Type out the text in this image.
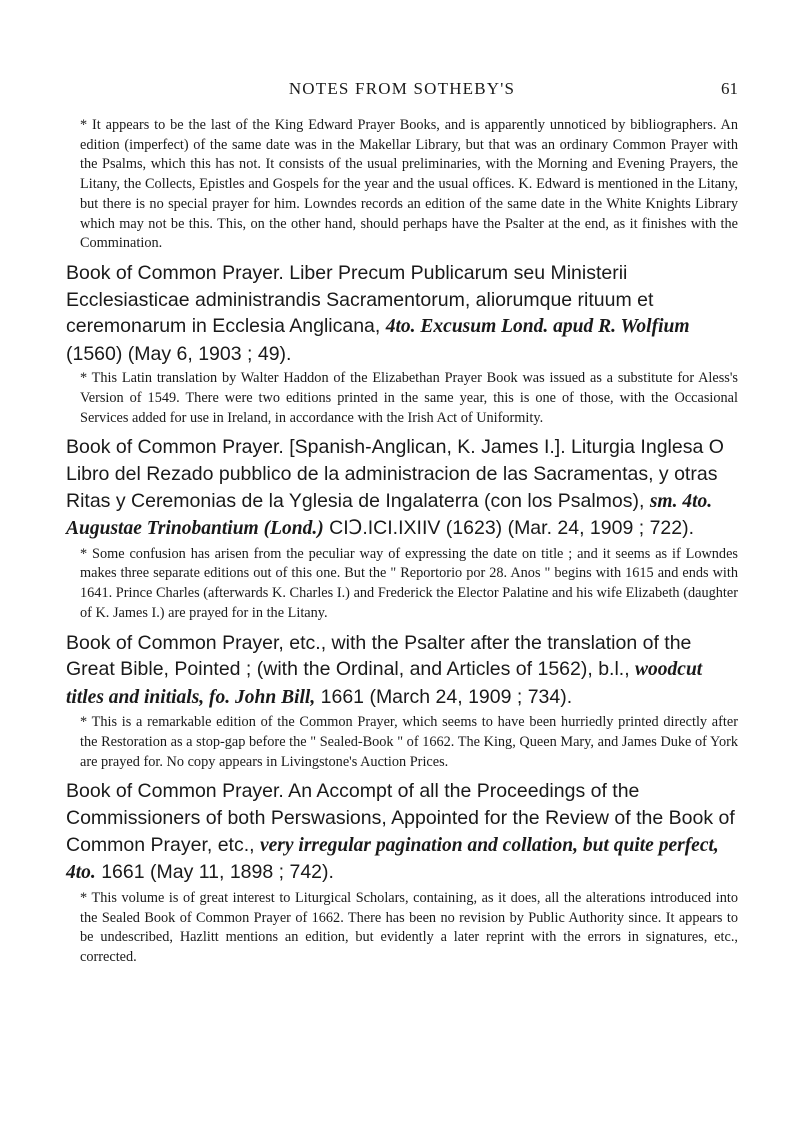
NOTES FROM SOTHEBY'S	61

* It appears to be the last of the King Edward Prayer Books, and is apparently unnoticed by bibliographers. An edition (imperfect) of the same date was in the Makellar Library, but that was an ordinary Common Prayer with the Psalms, which this has not. It consists of the usual preliminaries, with the Morning and Evening Prayers, the Litany, the Collects, Epistles and Gospels for the year and the usual offices. K. Edward is mentioned in the Litany, but there is no special prayer for him. Lowndes records an edition of the same date in the White Knights Library which may not be this. This, on the other hand, should perhaps have the Psalter at the end, as it finishes with the Commination.

Book of Common Prayer. Liber Precum Publicarum seu Ministerii Ecclesiasticae administrandis Sacramentorum, aliorumque rituum et ceremonarum in Ecclesia Anglicana, 4to. Excusum Lond. apud R. Wolfium (1560) (May 6, 1903 ; 49).

* This Latin translation by Walter Haddon of the Elizabethan Prayer Book was issued as a substitute for Aless's Version of 1549. There were two editions printed in the same year, this is one of those, with the Occasional Services added for use in Ireland, in accordance with the Irish Act of Uniformity.

Book of Common Prayer. [Spanish-Anglican, K. James I.]. Liturgia Inglesa O Libro del Rezado pubblico de la administracion de las Sacramentas, y otras Ritas y Ceremonias de la Yglesia de Ingalaterra (con los Psalmos), sm. 4to. Augustae Trinobantium (Lond.) CIↃ.ICI.IXIIV (1623) (Mar. 24, 1909 ; 722).

* Some confusion has arisen from the peculiar way of expressing the date on title ; and it seems as if Lowndes makes three separate editions out of this one. But the " Reportorio por 28. Anos " begins with 1615 and ends with 1641. Prince Charles (afterwards K. Charles I.) and Frederick the Elector Palatine and his wife Elizabeth (daughter of K. James I.) are prayed for in the Litany.

Book of Common Prayer, etc., with the Psalter after the translation of the Great Bible, Pointed ; (with the Ordinal, and Articles of 1562), b.l., woodcut titles and initials, fo. John Bill, 1661 (March 24, 1909 ; 734).

* This is a remarkable edition of the Common Prayer, which seems to have been hurriedly printed directly after the Restoration as a stop-gap before the " Sealed-Book " of 1662. The King, Queen Mary, and James Duke of York are prayed for. No copy appears in Livingstone's Auction Prices.

Book of Common Prayer. An Accompt of all the Proceedings of the Commissioners of both Perswasions, Appointed for the Review of the Book of Common Prayer, etc., very irregular pagination and collation, but quite perfect, 4to. 1661 (May 11, 1898 ; 742).

* This volume is of great interest to Liturgical Scholars, containing, as it does, all the alterations introduced into the Sealed Book of Common Prayer of 1662. There has been no revision by Public Authority since. It appears to be undescribed, Hazlitt mentions an edition, but evidently a later reprint with the errors in signatures, etc., corrected.
